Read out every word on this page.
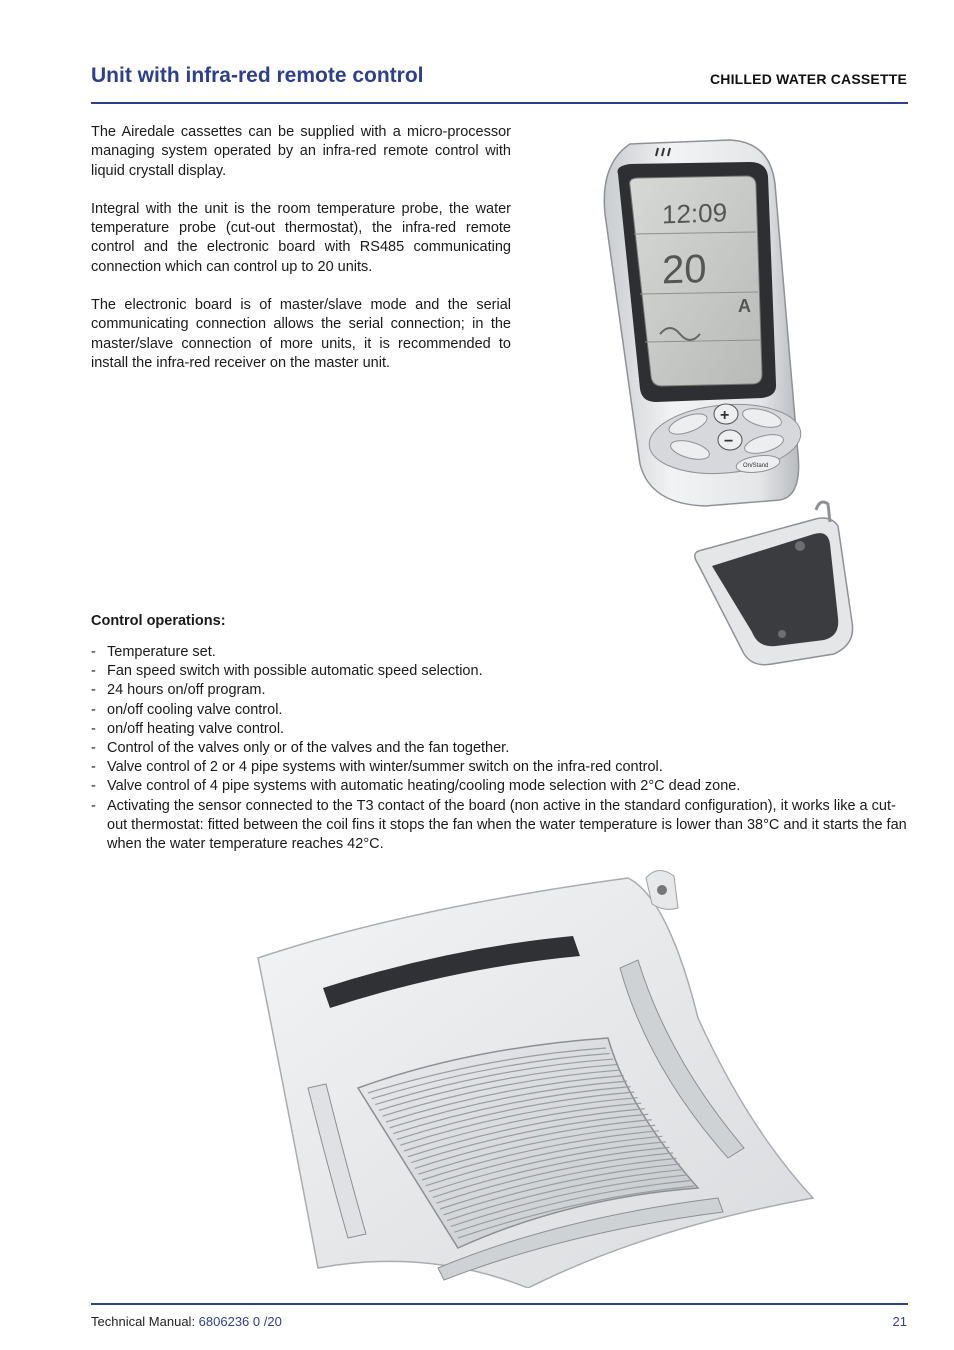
Unit with infra-red remote control	CHILLED WATER CASSETTE

The Airedale cassettes can be supplied with a micro-processor managing system operated by an infra-red remote control with liquid crystall display.

Integral with the unit is the room temperature probe, the water temperature probe (cut-out thermostat), the infra-red remote control and the electronic board with RS485 communicating connection which can control up to 20 units.

The electronic board is of master/slave mode and the serial communicating connection allows the serial connection; in the master/slave connection of more units, it is recommended to install the infra-red receiver on the master unit.

12:09
20
A
+
−
On/Stand
Control operations:
- Temperature set.
- Fan speed switch with possible automatic speed selection.
- 24 hours on/off program.
- on/off cooling valve control.
- on/off heating valve control.
- Control of the valves only or of the valves and the fan together.
- Valve control of 2 or 4 pipe systems with winter/summer switch on the infra-red control.
- Valve control of 4 pipe systems with automatic heating/cooling mode selection with 2°C dead zone.
- Activating the sensor connected to the T3 contact of the board (non active in the standard configuration), it works like a cut-out thermostat: fitted between the coil fins it stops the fan when the water temperature is lower than 38°C and it starts the fan when the water temperature reaches 42°C.
Technical Manual: 6806236 0 /20	21
